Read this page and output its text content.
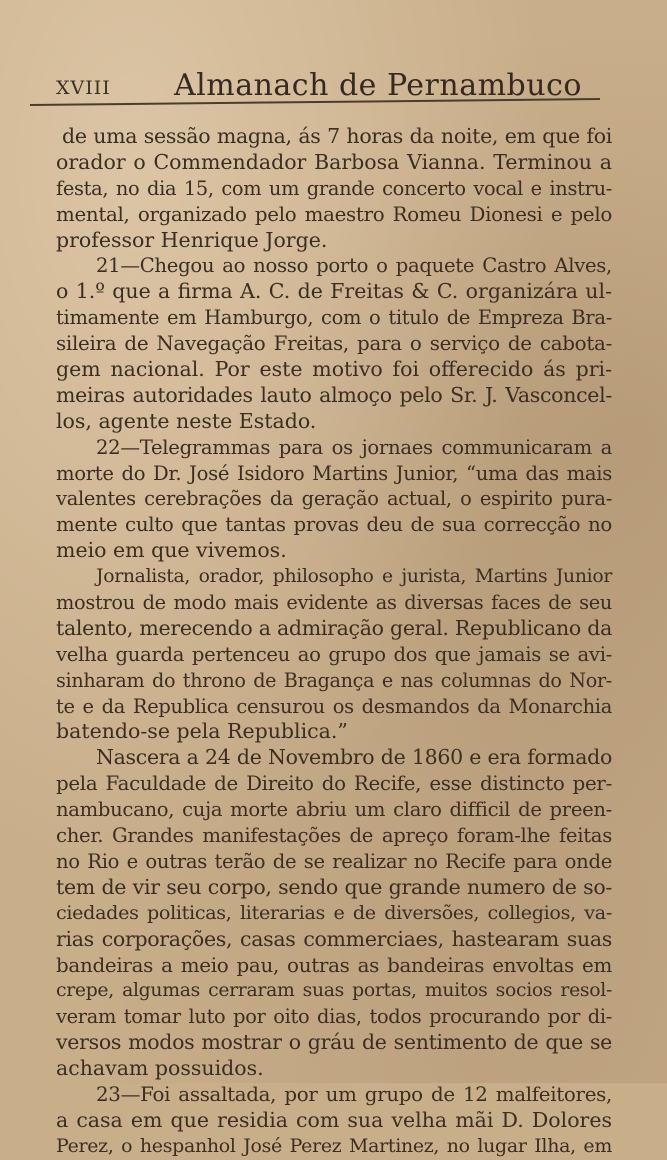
XVIII Almanach de Pernambuco
de uma sessão magna, ás 7 horas da noite, em que foi
orador o Commendador Barbosa Vianna. Terminou a
festa, no dia 15, com um grande concerto vocal e instru-
mental, organizado pelo maestro Romeu Dionesi e pelo
professor Henrique Jorge.
21—Chegou ao nosso porto o paquete Castro Alves,
o 1.º que a firma A. C. de Freitas & C. organizára ul-
timamente em Hamburgo, com o titulo de Empreza Bra-
sileira de Navegação Freitas, para o serviço de cabota-
gem nacional. Por este motivo foi offerecido ás pri-
meiras autoridades lauto almoço pelo Sr. J. Vasconcel-
los, agente neste Estado.
22—Telegrammas para os jornaes communicaram a
morte do Dr. José Isidoro Martins Junior, “uma das mais
valentes cerebrações da geração actual, o espirito pura-
mente culto que tantas provas deu de sua correcção no
meio em que vivemos.
Jornalista, orador, philosopho e jurista, Martins Junior
mostrou de modo mais evidente as diversas faces de seu
talento, merecendo a admiração geral. Republicano da
velha guarda pertenceu ao grupo dos que jamais se avi-
sinharam do throno de Bragança e nas columnas do Nor-
te e da Republica censurou os desmandos da Monarchia
batendo-se pela Republica.”
Nascera a 24 de Novembro de 1860 e era formado
pela Faculdade de Direito do Recife, esse distincto per-
nambucano, cuja morte abriu um claro difficil de preen-
cher. Grandes manifestações de apreço foram-lhe feitas
no Rio e outras terão de se realizar no Recife para onde
tem de vir seu corpo, sendo que grande numero de so-
ciedades politicas, literarias e de diversões, collegios, va-
rias corporações, casas commerciaes, hastearam suas
bandeiras a meio pau, outras as bandeiras envoltas em
crepe, algumas cerraram suas portas, muitos socios resol-
veram tomar luto por oito dias, todos procurando por di-
versos modos mostrar o gráu de sentimento de que se
achavam possuidos.
23—Foi assaltada, por um grupo de 12 malfeitores,
a casa em que residia com sua velha mãi D. Dolores
Perez, o hespanhol José Perez Martinez, no lugar Ilha, em
